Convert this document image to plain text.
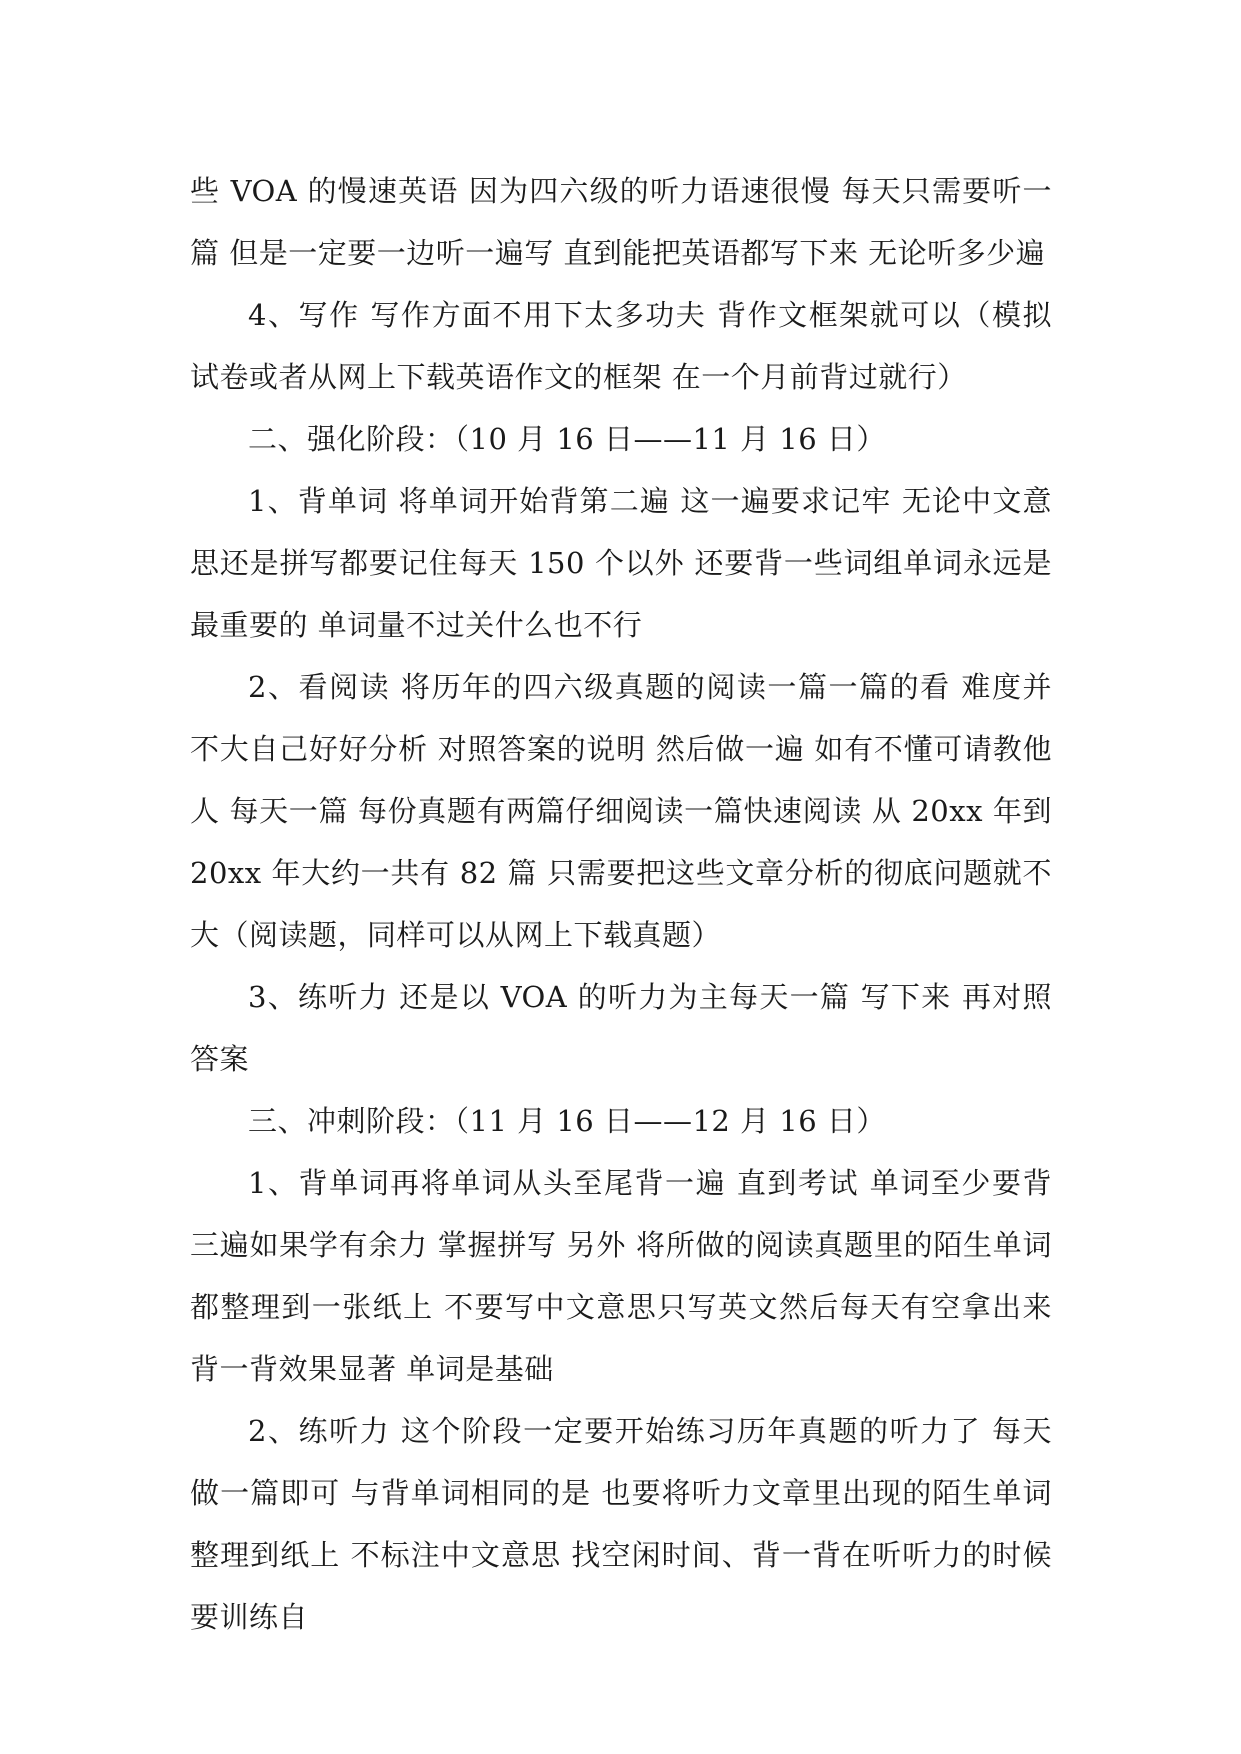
些 VOA 的慢速英语 因为四六级的听力语速很慢 每天只需要听一篇 但是一定要一边听一遍写 直到能把英语都写下来 无论听多少遍

4、写作 写作方面不用下太多功夫 背作文框架就可以（模拟试卷或者从网上下载英语作文的框架 在一个月前背过就行）

二、强化阶段：（10 月 16 日——11 月 16 日）

1、背单词 将单词开始背第二遍 这一遍要求记牢 无论中文意思还是拼写都要记住每天 150 个以外 还要背一些词组单词永远是最重要的 单词量不过关什么也不行

2、看阅读 将历年的四六级真题的阅读一篇一篇的看 难度并不大自己好好分析 对照答案的说明 然后做一遍 如有不懂可请教他人 每天一篇 每份真题有两篇仔细阅读一篇快速阅读 从 20xx 年到 20xx 年大约一共有 82 篇 只需要把这些文章分析的彻底问题就不大（阅读题，同样可以从网上下载真题）

3、练听力 还是以 VOA 的听力为主每天一篇 写下来 再对照答案

三、冲刺阶段：（11 月 16 日——12 月 16 日）

1、背单词再将单词从头至尾背一遍 直到考试 单词至少要背三遍如果学有余力 掌握拼写 另外 将所做的阅读真题里的陌生单词都整理到一张纸上 不要写中文意思只写英文然后每天有空拿出来背一背效果显著 单词是基础

2、练听力 这个阶段一定要开始练习历年真题的听力了 每天做一篇即可 与背单词相同的是 也要将听力文章里出现的陌生单词整理到纸上 不标注中文意思 找空闲时间、背一背在听听力的时候要训练自
